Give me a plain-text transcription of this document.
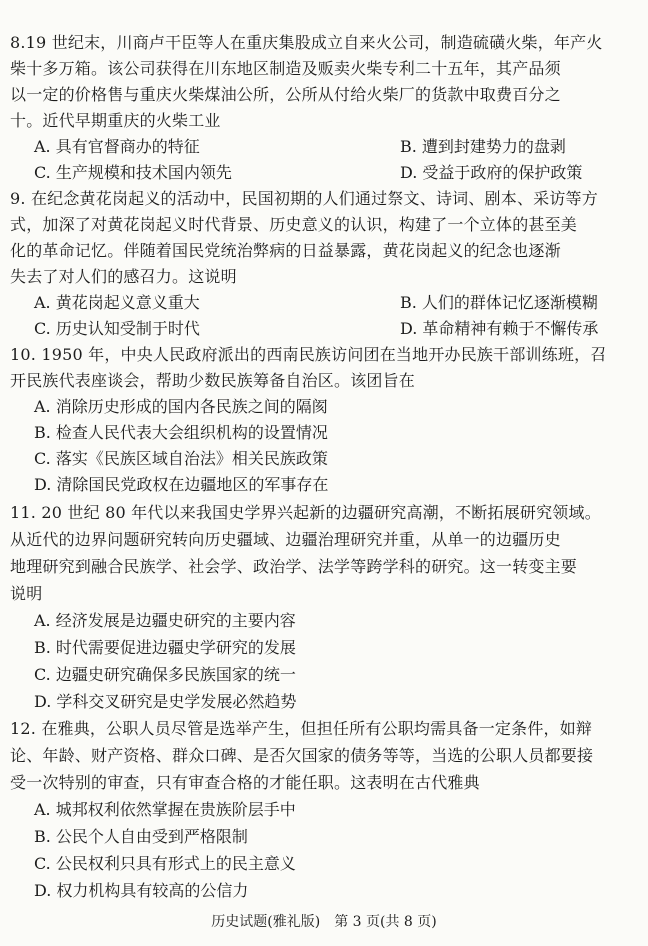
8.19 世纪末，川商卢干臣等人在重庆集股成立自来火公司，制造硫磺火柴，年产火
柴十多万箱。该公司获得在川东地区制造及贩卖火柴专利二十五年，其产品须
以一定的价格售与重庆火柴煤油公所，公所从付给火柴厂的货款中取费百分之
十。近代早期重庆的火柴工业
A. 具有官督商办的特征	B. 遭到封建势力的盘剥
C. 生产规模和技术国内领先	D. 受益于政府的保护政策
9. 在纪念黄花岗起义的活动中，民国初期的人们通过祭文、诗词、剧本、采访等方
式，加深了对黄花岗起义时代背景、历史意义的认识，构建了一个立体的甚至美
化的革命记忆。伴随着国民党统治弊病的日益暴露，黄花岗起义的纪念也逐渐
失去了对人们的感召力。这说明
A. 黄花岗起义意义重大	B. 人们的群体记忆逐渐模糊
C. 历史认知受制于时代	D. 革命精神有赖于不懈传承
10. 1950 年，中央人民政府派出的西南民族访问团在当地开办民族干部训练班，召
开民族代表座谈会，帮助少数民族筹备自治区。该团旨在
A. 消除历史形成的国内各民族之间的隔阂
B. 检查人民代表大会组织机构的设置情况
C. 落实《民族区域自治法》相关民族政策
D. 清除国民党政权在边疆地区的军事存在
11. 20 世纪 80 年代以来我国史学界兴起新的边疆研究高潮，不断拓展研究领域。
从近代的边界问题研究转向历史疆域、边疆治理研究并重，从单一的边疆历史
地理研究到融合民族学、社会学、政治学、法学等跨学科的研究。这一转变主要
说明
A. 经济发展是边疆史研究的主要内容
B. 时代需要促进边疆史学研究的发展
C. 边疆史研究确保多民族国家的统一
D. 学科交叉研究是史学发展必然趋势
12. 在雅典，公职人员尽管是选举产生，但担任所有公职均需具备一定条件，如辩
论、年龄、财产资格、群众口碑、是否欠国家的债务等等，当选的公职人员都要接
受一次特别的审查，只有审查合格的才能任职。这表明在古代雅典
A. 城邦权利依然掌握在贵族阶层手中
B. 公民个人自由受到严格限制
C. 公民权利只具有形式上的民主意义
D. 权力机构具有较高的公信力
历史试题(雅礼版)　第 3 页(共 8 页)
